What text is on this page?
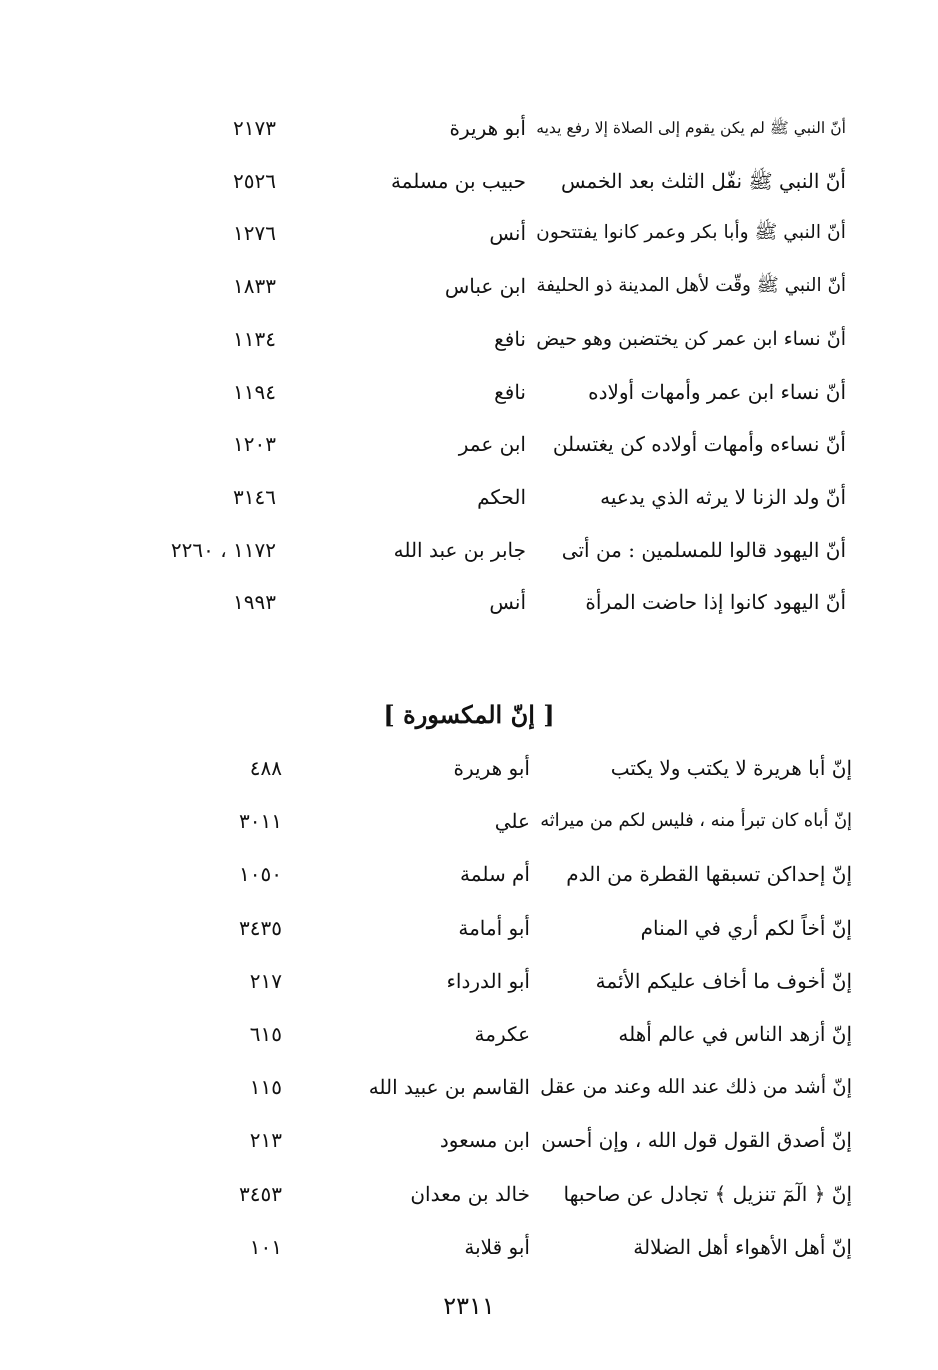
أنّ النبي ﷺ لم يكن يقوم إلى الصلاة إلا رفع يديه
أبو هريرة
٢١٧٣
أنّ النبي ﷺ نفّل الثلث بعد الخمس
حبيب بن مسلمة
٢٥٢٦
أنّ النبي ﷺ وأبا بكر وعمر كانوا يفتتحون
أنس
١٢٧٦
أنّ النبي ﷺ وقّت لأهل المدينة ذو الحليفة
ابن عباس
١٨٣٣
أنّ نساء ابن عمر كن يختضبن وهو حيض
نافع
١١٣٤
أنّ نساء ابن عمر وأمهات أولاده
نافع
١١٩٤
أنّ نساءه وأمهات أولاده كن يغتسلن
ابن عمر
١٢٠٣
أنّ ولد الزنا لا يرثه الذي يدعيه
الحكم
٣١٤٦
أنّ اليهود قالوا للمسلمين : من أتى
جابر بن عبد الله
١١٧٢ ، ٢٢٦٠
أنّ اليهود كانوا إذا حاضت المرأة
أنس
١٩٩٣
[ إنّ المكسورة ]
إنّ أبا هريرة لا يكتب ولا يكتب
أبو هريرة
٤٨٨
إنّ أباه كان تبرأ منه ، فليس لكم من ميراثه
علي
٣٠١١
إنّ إحداكن تسبقها القطرة من الدم
أم سلمة
١٠٥٠
إنّ أخاً لكم أري في المنام
أبو أمامة
٣٤٣٥
إنّ أخوف ما أخاف عليكم الأئمة
أبو الدرداء
٢١٧
إنّ أزهد الناس في عالم أهله
عكرمة
٦١٥
إنّ أشد من ذلك عند الله وعند من عقل
القاسم بن عبيد الله
١١٥
إنّ أصدق القول قول الله ، وإن أحسن
ابن مسعود
٢١٣
إنّ ﴿ الٓمٓ تنزيل ﴾ تجادل عن صاحبها
خالد بن معدان
٣٤٥٣
إنّ أهل الأهواء أهل الضلالة
أبو قلابة
١٠١
٢٣١١
